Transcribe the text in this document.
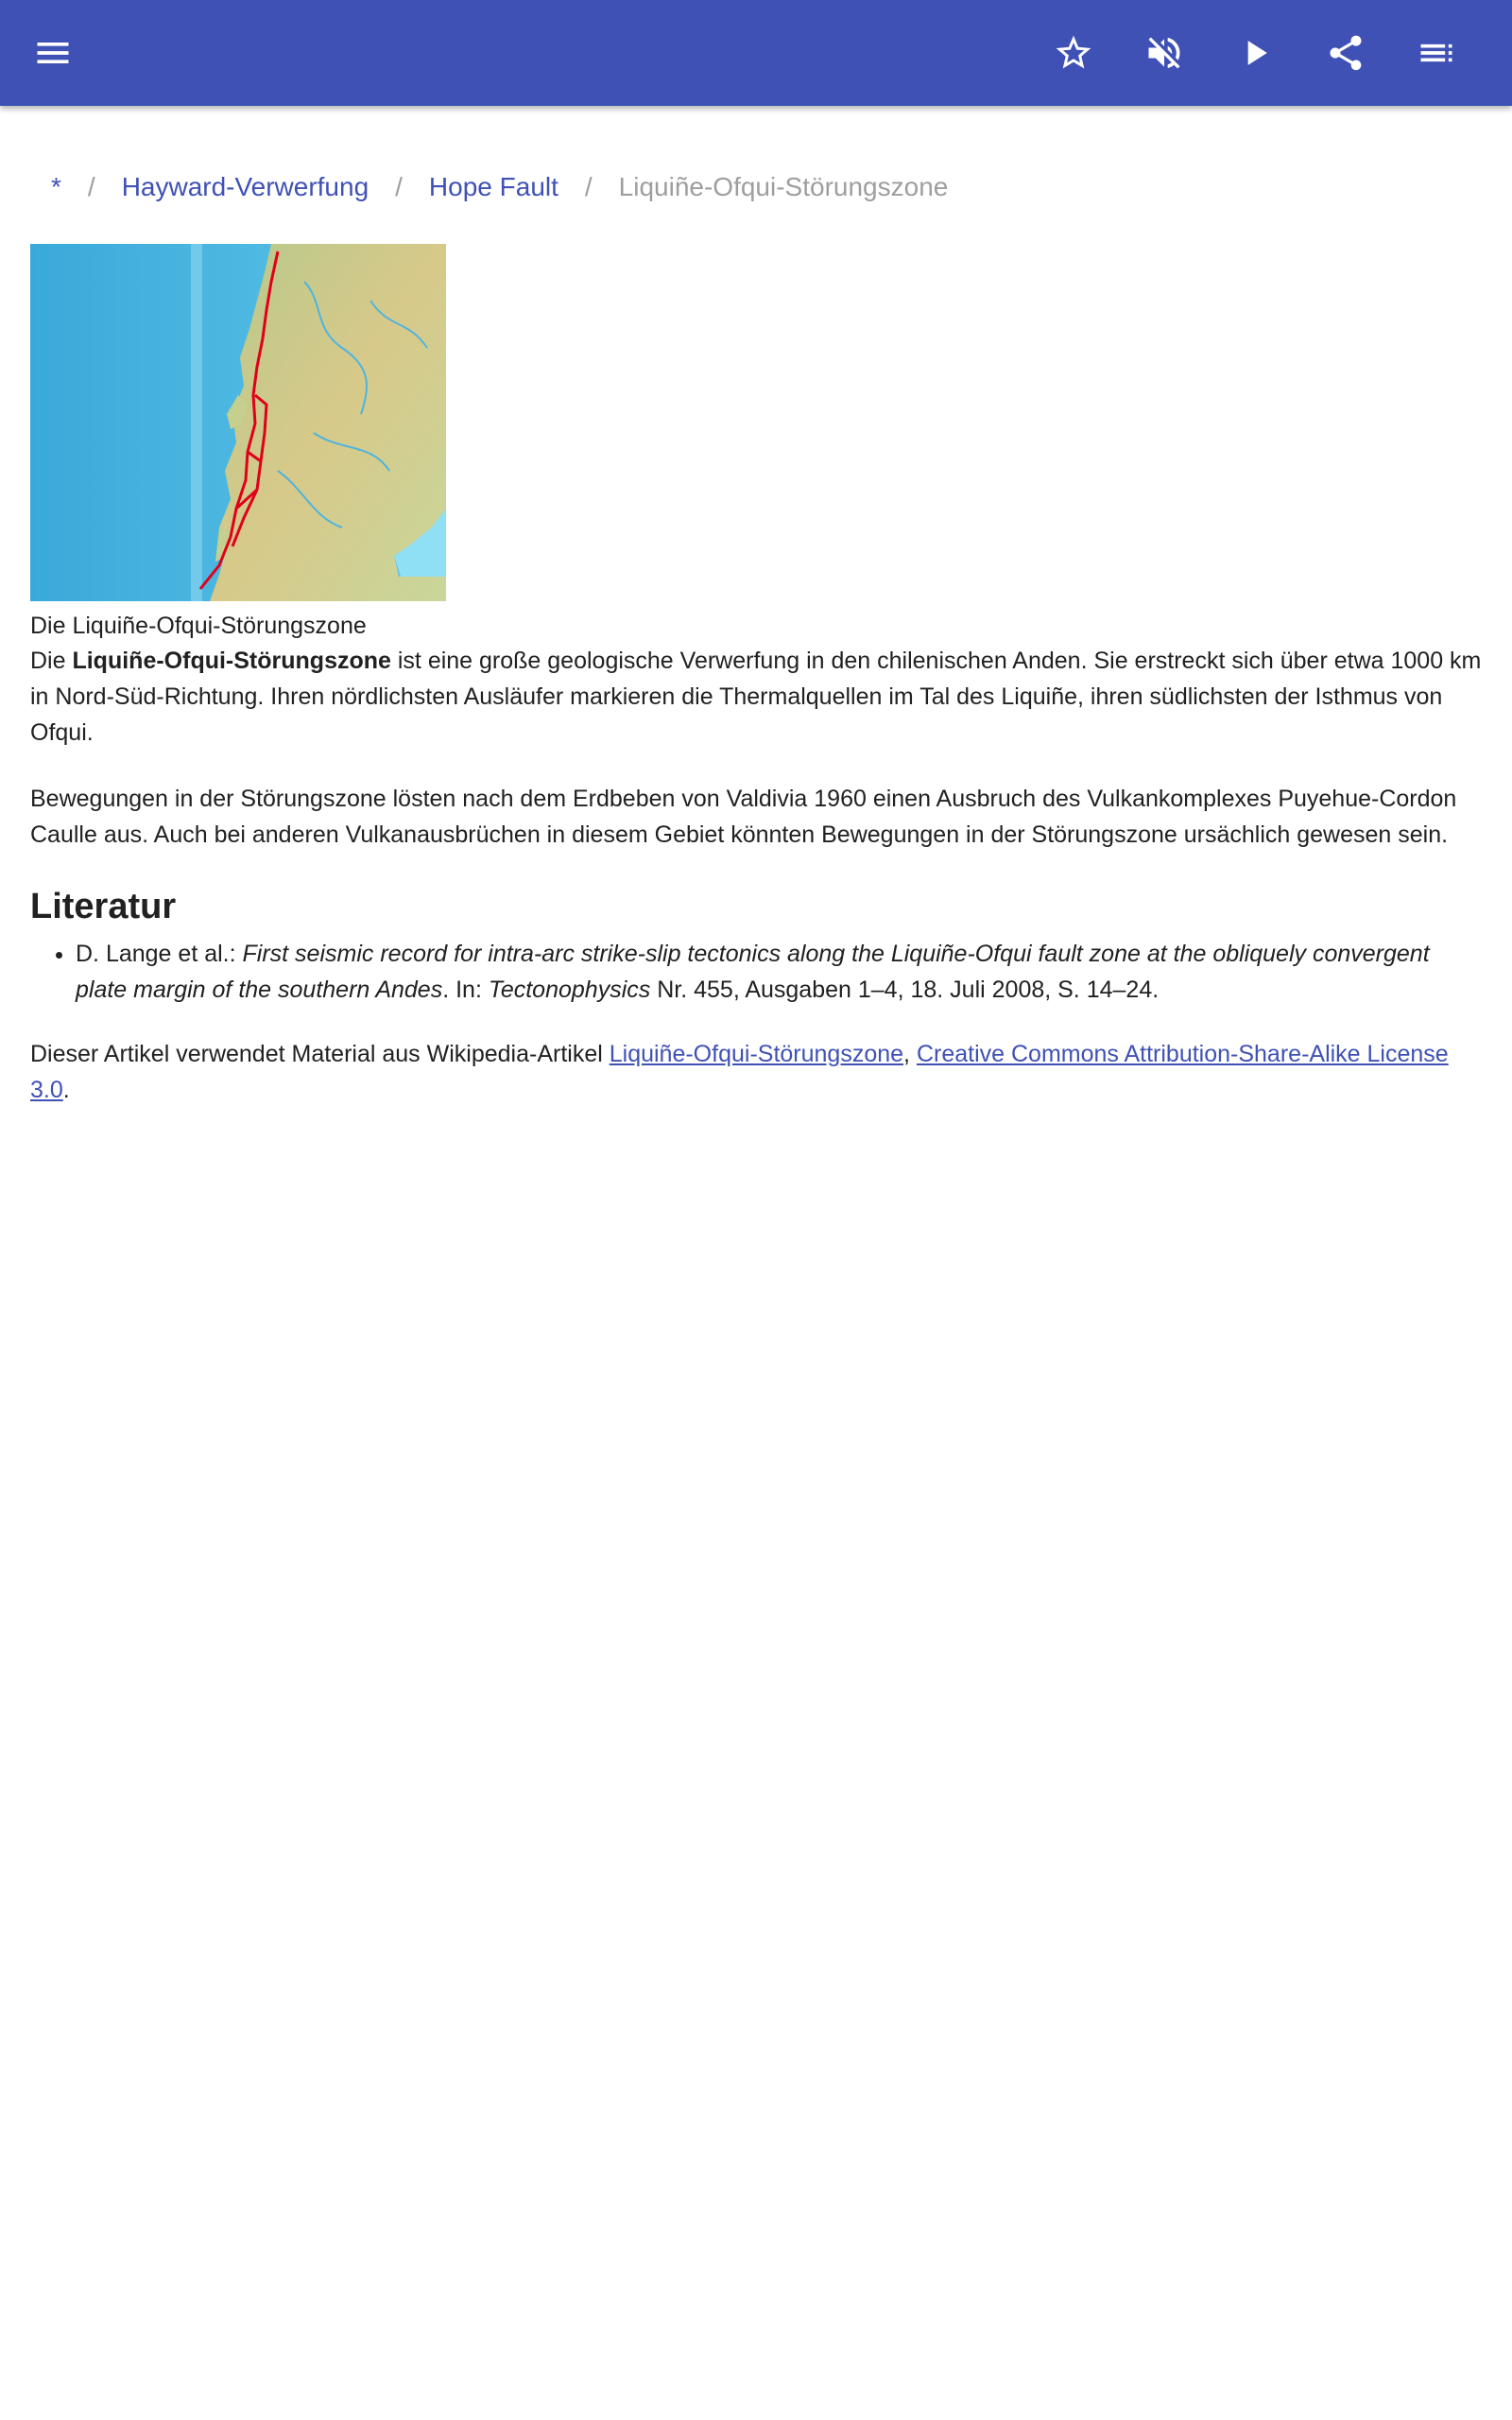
* / Hayward-Verwerfung / Hope Fault / Liquiñe-Ofqui-Störungszone
Die Liquiñe-Ofqui-Störungszone

Die Liquiñe-Ofqui-Störungszone ist eine große geologische Verwerfung in den chilenischen Anden. Sie erstreckt sich über etwa 1000 km in Nord-Süd-Richtung. Ihren nördlichsten Ausläufer markieren die Thermalquellen im Tal des Liquiñe, ihren südlichsten der Isthmus von Ofqui.

Bewegungen in der Störungszone lösten nach dem Erdbeben von Valdivia 1960 einen Ausbruch des Vulkankomplexes Puyehue-Cordon Caulle aus. Auch bei anderen Vulkanausbrüchen in diesem Gebiet könnten Bewegungen in der Störungszone ursächlich gewesen sein.

Literatur
• D. Lange et al.: First seismic record for intra-arc strike-slip tectonics along the Liquiñe-Ofqui fault zone at the obliquely convergent plate margin of the southern Andes. In: Tectonophysics Nr. 455, Ausgaben 1–4, 18. Juli 2008, S. 14–24.

Dieser Artikel verwendet Material aus Wikipedia-Artikel Liquiñe-Ofqui-Störungszone, Creative Commons Attribution-Share-Alike License 3.0.
